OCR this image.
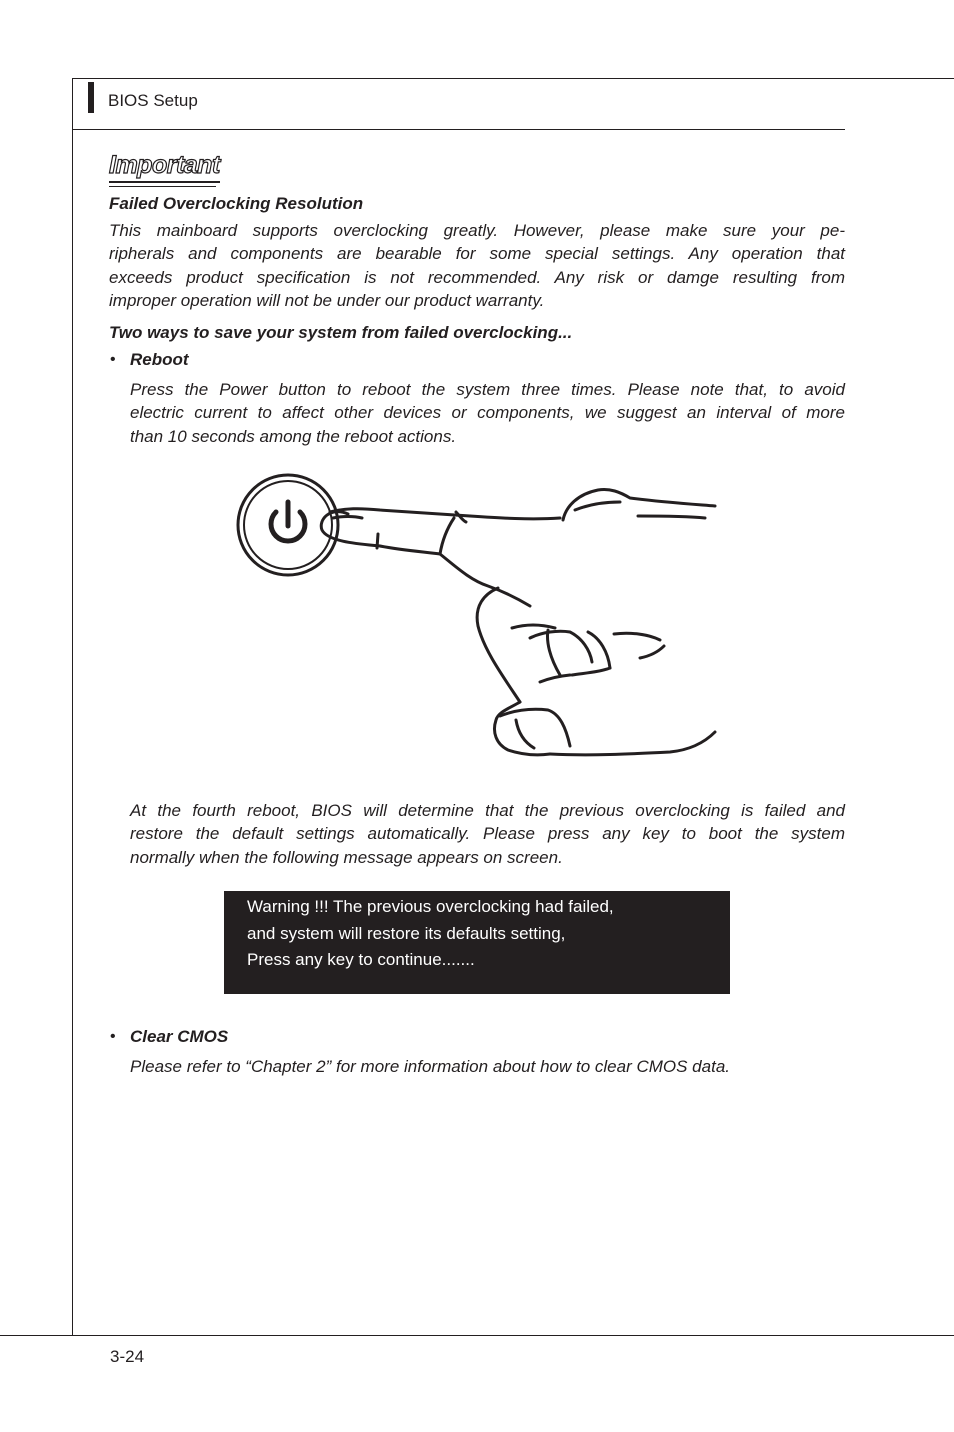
BIOS Setup
Important
Failed Overclocking Resolution
This mainboard supports overclocking greatly. However, please make sure your pe-
ripherals and components are bearable for some special settings. Any operation that
exceeds product specification is not recommended. Any risk or damge resulting from
improper operation will not be under our product warranty.
Two ways to save your system from failed overclocking...
• Reboot
Press the Power button to reboot the system three times. Please note that, to avoid
electric current to affect other devices or components, we suggest an interval of more
than 10 seconds among the reboot actions.
At the fourth reboot, BIOS will determine that the previous overclocking is failed and
restore the default settings automatically. Please press any key to boot the system
normally when the following message appears on screen.
Warning !!! The previous overclocking had failed,
and system will restore its defaults setting,
Press any key to continue.......
• Clear CMOS
Please refer to “Chapter 2” for more information about how to clear CMOS data.
3-24
